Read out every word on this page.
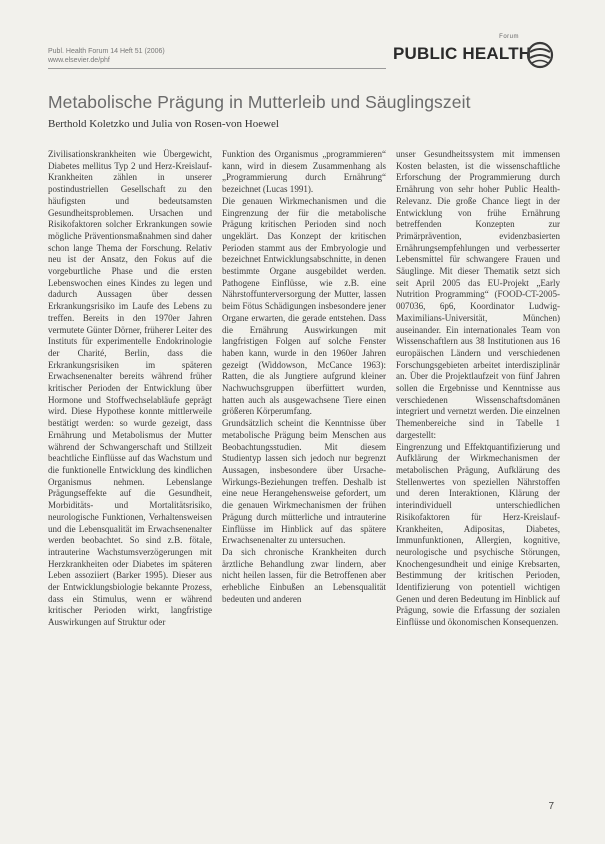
Publ. Health Forum 14 Heft 51 (2006)
www.elsevier.de/phf
Forum
PUBLIC HEALTH
Metabolische Prägung in Mutterleib und Säuglingszeit
Berthold Koletzko und Julia von Rosen-von Hoewel

Zivilisationskrankheiten wie Übergewicht, Diabetes mellitus Typ 2 und Herz-Kreislauf-Krankheiten zählen in unserer postindustriellen Gesellschaft zu den häufigsten und bedeutsamsten Gesundheitsproblemen. Ursachen und Risikofaktoren solcher Erkrankungen sowie mögliche Präventionsmaßnahmen sind daher schon lange Thema der Forschung. Relativ neu ist der Ansatz, den Fokus auf die vorgeburtliche Phase und die ersten Lebenswochen eines Kindes zu legen und dadurch Aussagen über dessen Erkrankungsrisiko im Laufe des Lebens zu treffen. Bereits in den 1970er Jahren vermutete Günter Dörner, früherer Leiter des Instituts für experimentelle Endokrinologie der Charité, Berlin, dass die Erkrankungsrisiken im späteren Erwachsenenalter bereits während früher kritischer Perioden der Entwicklung über Hormone und Stoffwechselabläufe geprägt wird. Diese Hypothese konnte mittlerweile bestätigt werden: so wurde gezeigt, dass Ernährung und Metabolismus der Mutter während der Schwangerschaft und Stillzeit beachtliche Einflüsse auf das Wachstum und die funktionelle Entwicklung des kindlichen Organismus nehmen. Lebenslange Prägungseffekte auf die Gesundheit, Morbiditäts- und Mortalitätsrisiko, neurologische Funktionen, Verhaltensweisen und die Lebensqualität im Erwachsenenalter werden beobachtet. So sind z.B. fötale, intrauterine Wachstumsverzögerungen mit Herzkrankheiten oder Diabetes im späteren Leben assoziiert (Barker 1995). Dieser aus der Entwicklungsbiologie bekannte Prozess, dass ein Stimulus, wenn er während kritischer Perioden wirkt, langfristige Auswirkungen auf Struktur oder

Funktion des Organismus „programmieren“ kann, wird in diesem Zusammenhang als „Programmierung durch Ernährung“ bezeichnet (Lucas 1991).

Die genauen Wirkmechanismen und die Eingrenzung der für die metabolische Prägung kritischen Perioden sind noch ungeklärt. Das Konzept der kritischen Perioden stammt aus der Embryologie und bezeichnet Entwicklungsabschnitte, in denen bestimmte Organe ausgebildet werden. Pathogene Einflüsse, wie z.B. eine Nährstoffunterversorgung der Mutter, lassen beim Fötus Schädigungen insbesondere jener Organe erwarten, die gerade entstehen. Dass die Ernährung Auswirkungen mit langfristigen Folgen auf solche Fenster haben kann, wurde in den 1960er Jahren gezeigt (Widdowson, McCance 1963): Ratten, die als Jungtiere aufgrund kleiner Nachwuchsgruppen überfüttert wurden, hatten auch als ausgewachsene Tiere einen größeren Körperumfang.

Grundsätzlich scheint die Kenntnisse über metabolische Prägung beim Menschen aus Beobachtungsstudien. Mit diesem Studientyp lassen sich jedoch nur begrenzt Aussagen, insbesondere über Ursache-Wirkungs-Beziehungen treffen. Deshalb ist eine neue Herangehensweise gefordert, um die genauen Wirkmechanismen der frühen Prägung durch mütterliche und intrauterine Einflüsse im Hinblick auf das spätere Erwachsenenalter zu untersuchen.

Da sich chronische Krankheiten durch ärztliche Behandlung zwar lindern, aber nicht heilen lassen, für die Betroffenen aber erhebliche Einbußen an Lebensqualität bedeuten und anderen

unser Gesundheitssystem mit immensen Kosten belasten, ist die wissenschaftliche Erforschung der Programmierung durch Ernährung von sehr hoher Public Health-Relevanz. Die große Chance liegt in der Entwicklung von frühe Ernährung betreffenden Konzepten zur Primärprävention, evidenzbasierten Ernährungsempfehlungen und verbesserter Lebensmittel für schwangere Frauen und Säuglinge. Mit dieser Thematik setzt sich seit April 2005 das EU-Projekt „Early Nutrition Programming“ (FOOD-CT-2005-007036, 6p6, Koordinator Ludwig-Maximilians-Universität, München) auseinander. Ein internationales Team von Wissenschaftlern aus 38 Institutionen aus 16 europäischen Ländern und verschiedenen Forschungsgebieten arbeitet interdisziplinär an. Über die Projektlaufzeit von fünf Jahren sollen die Ergebnisse und Kenntnisse aus verschiedenen Wissenschaftsdomänen integriert und vernetzt werden. Die einzelnen Themenbereiche sind in Tabelle 1 dargestellt:

Eingrenzung und Effektquantifizierung und Aufklärung der Wirkmechanismen der metabolischen Prägung, Aufklärung des Stellenwertes von speziellen Nährstoffen und deren Interaktionen, Klärung der interindividuell unterschiedlichen Risikofaktoren für Herz-Kreislauf-Krankheiten, Adipositas, Diabetes, Immunfunktionen, Allergien, kognitive, neurologische und psychische Störungen, Knochengesundheit und einige Krebsarten, Bestimmung der kritischen Perioden, Identifizierung von potentiell wichtigen Genen und deren Bedeutung im Hinblick auf Prägung, sowie die Erfassung der sozialen Einflüsse und ökonomischen Konsequenzen.

7
